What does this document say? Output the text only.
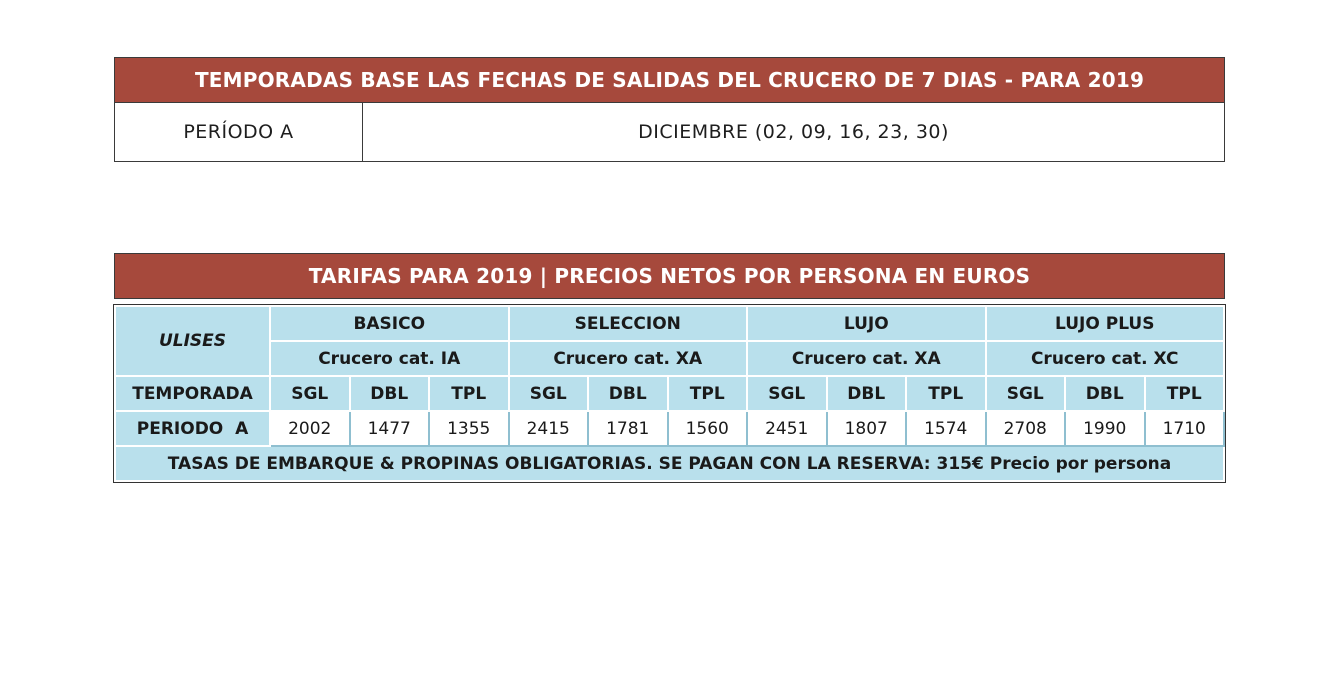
TEMPORADAS BASE LAS FECHAS DE SALIDAS DEL CRUCERO DE 7 DIAS - PARA 2019
PERÍODO A	DICIEMBRE (02, 09, 16, 23, 30)
TARIFAS PARA 2019 | PRECIOS NETOS POR PERSONA EN EUROS
ULISES	BASICO			SELECCION			LUJO			LUJO PLUS		
	Crucero cat. IA			Crucero cat. XA			Crucero cat. XA			Crucero cat. XC		
TEMPORADA	SGL	DBL	TPL	SGL	DBL	TPL	SGL	DBL	TPL	SGL	DBL	TPL
PERIODO  A	2002	1477	1355	2415	1781	1560	2451	1807	1574	2708	1990	1710
TASAS DE EMBARQUE & PROPINAS OBLIGATORIAS. SE PAGAN CON LA RESERVA: 315€ Precio por persona												
